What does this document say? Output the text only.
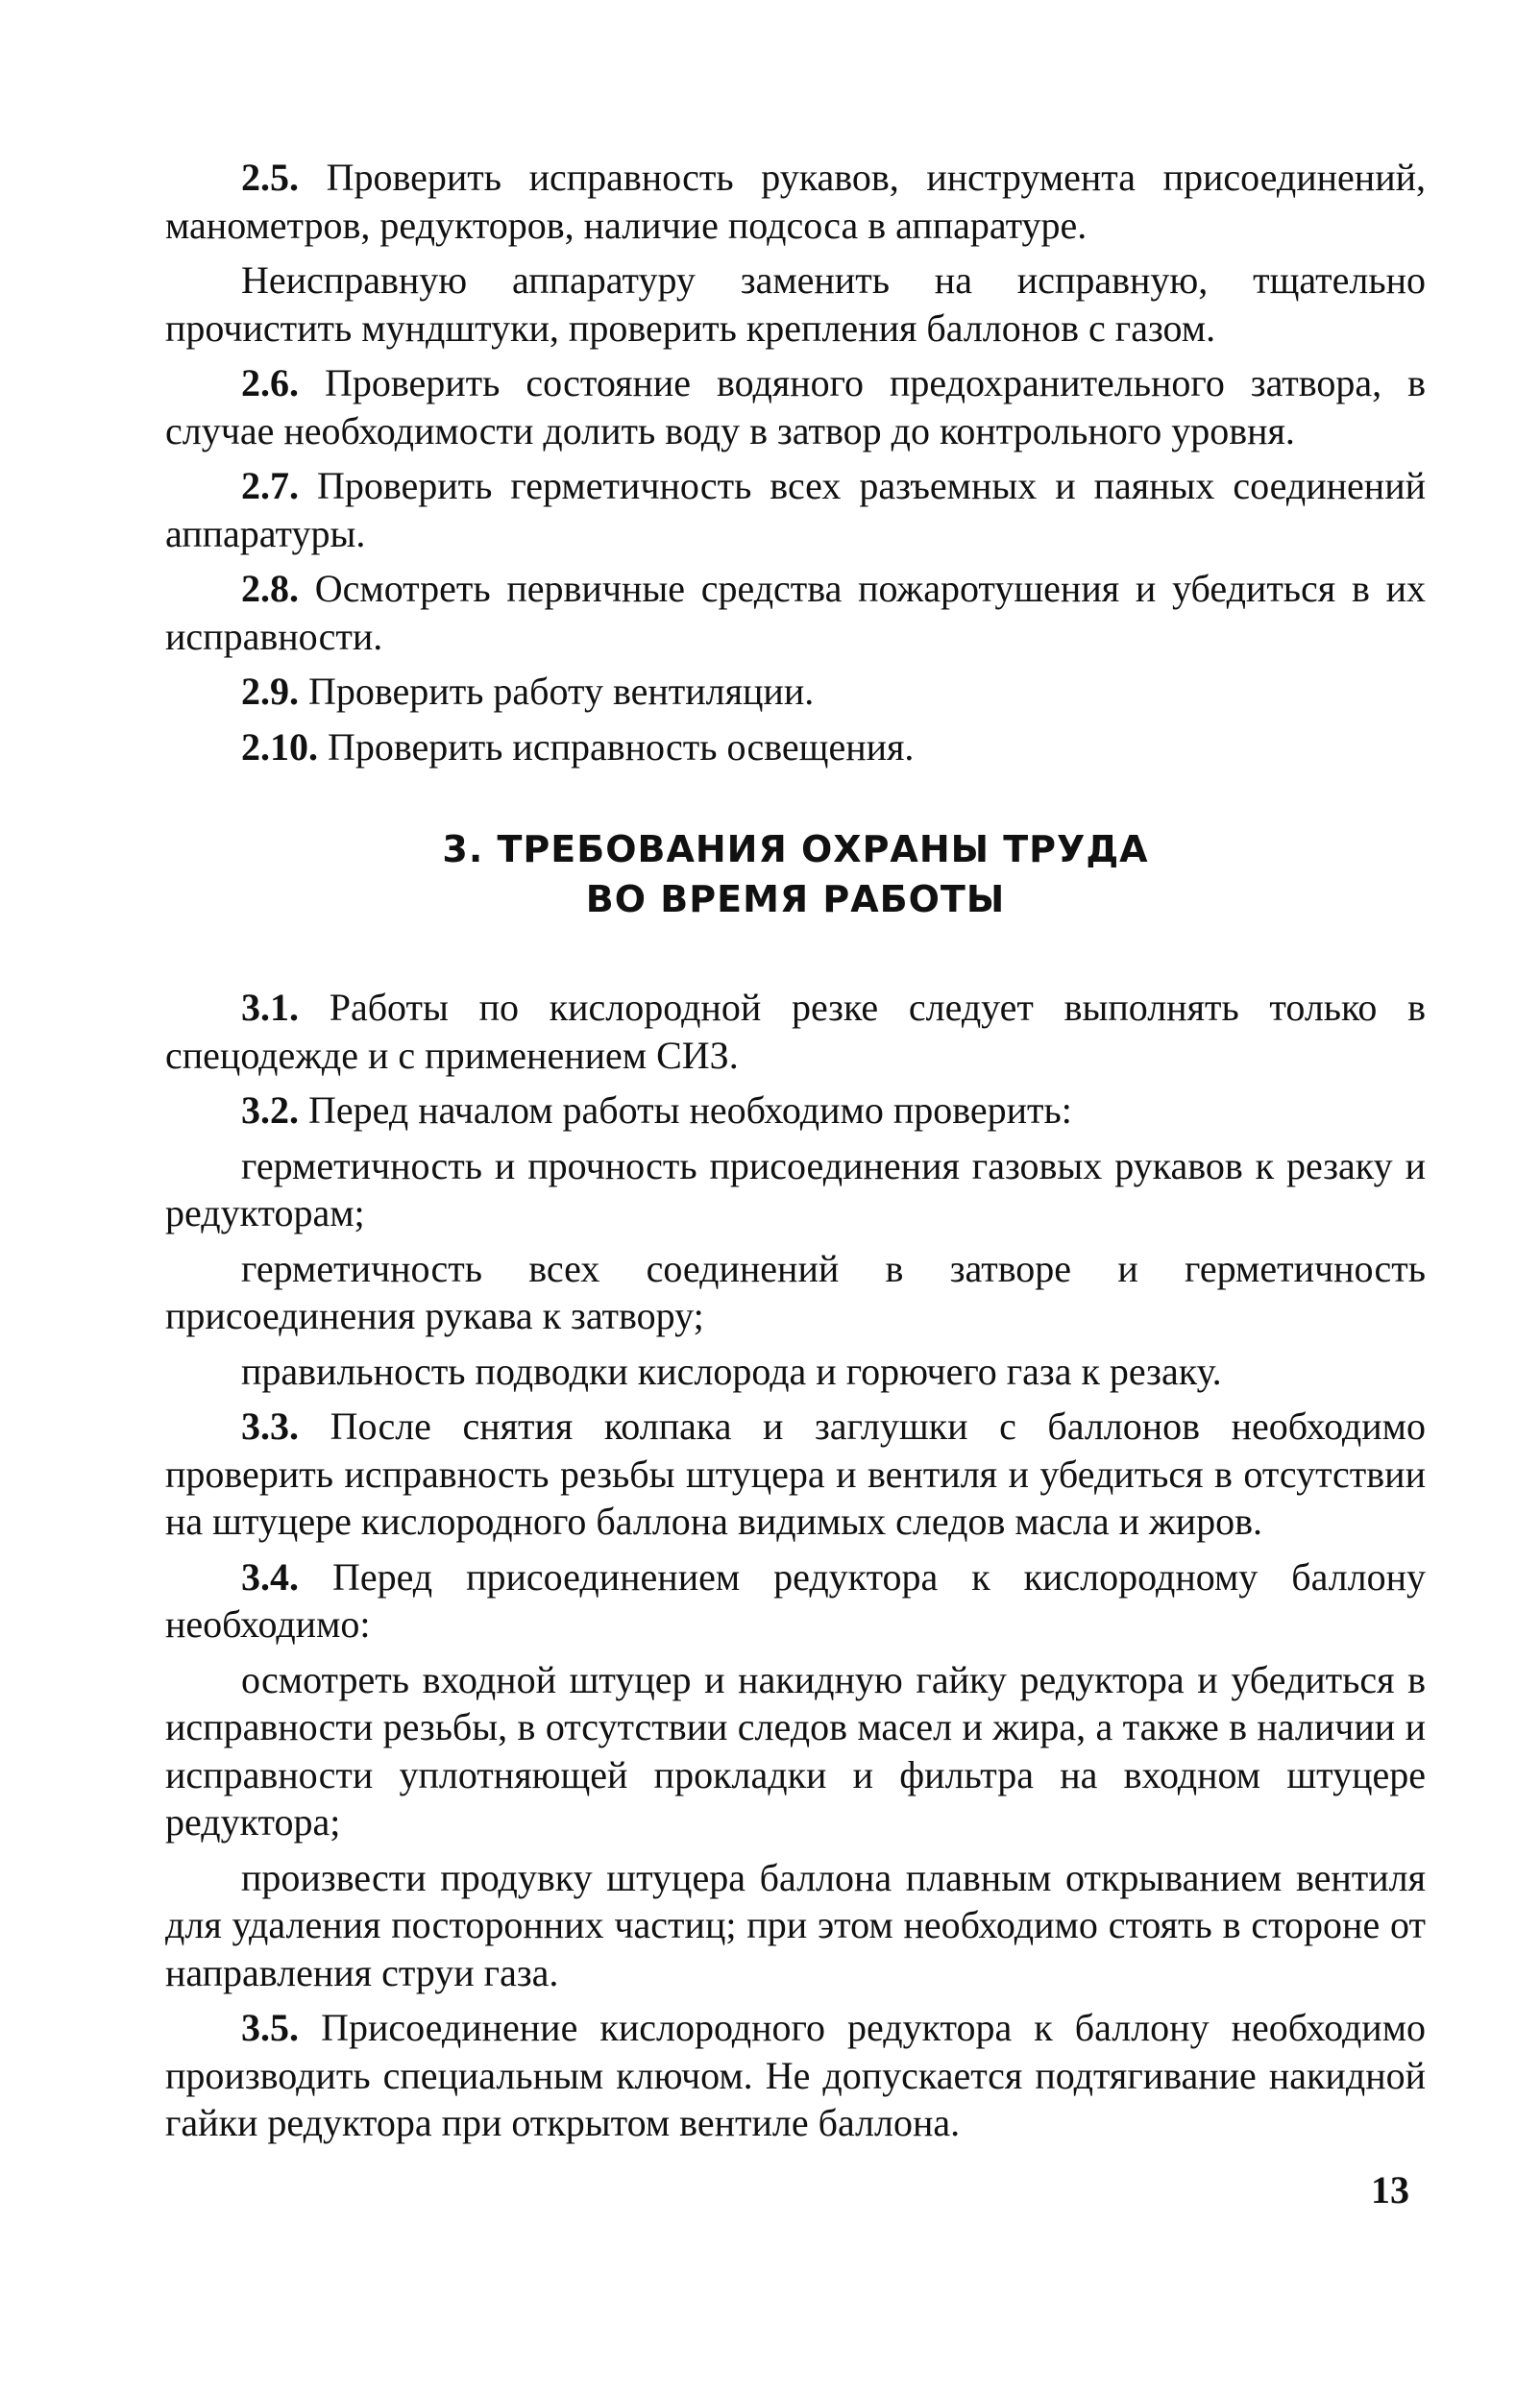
2.5. Проверить исправность рукавов, инструмента присоединений, манометров, редукторов, наличие подсоса в аппаратуре.

Неисправную аппаратуру заменить на исправную, тщательно прочистить мундштуки, проверить крепления баллонов с газом.

2.6. Проверить состояние водяного предохранительного затвора, в случае необходимости долить воду в затвор до контрольного уровня.

2.7. Проверить герметичность всех разъемных и паяных соединений аппаратуры.

2.8. Осмотреть первичные средства пожаротушения и убедиться в их исправности.

2.9. Проверить работу вентиляции.

2.10. Проверить исправность освещения.

3. ТРЕБОВАНИЯ ОХРАНЫ ТРУДА
ВО ВРЕМЯ РАБОТЫ

3.1. Работы по кислородной резке следует выполнять только в спецодежде и с применением СИЗ.

3.2. Перед началом работы необходимо проверить:

герметичность и прочность присоединения газовых рукавов к резаку и редукторам;

герметичность всех соединений в затворе и герметичность присоединения рукава к затвору;

правильность подводки кислорода и горючего газа к резаку.

3.3. После снятия колпака и заглушки с баллонов необходимо проверить исправность резьбы штуцера и вентиля и убедиться в отсутствии на штуцере кислородного баллона видимых следов масла и жиров.

3.4. Перед присоединением редуктора к кислородному баллону необходимо:

осмотреть входной штуцер и накидную гайку редуктора и убедиться в исправности резьбы, в отсутствии следов масел и жира, а также в наличии и исправности уплотняющей прокладки и фильтра на входном штуцере редуктора;

произвести продувку штуцера баллона плавным открыванием вентиля для удаления посторонних частиц; при этом необходимо стоять в стороне от направления струи газа.

3.5. Присоединение кислородного редуктора к баллону необходимо производить специальным ключом. Не допускается подтягивание накидной гайки редуктора при открытом вентиле баллона.

13
